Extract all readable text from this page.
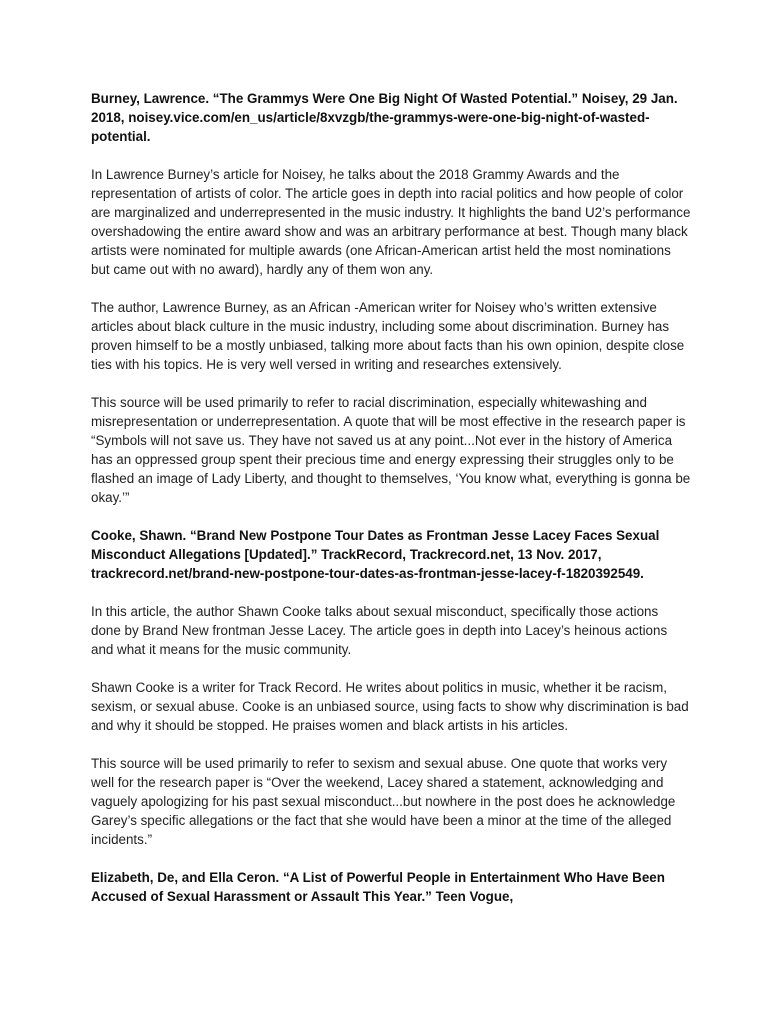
Burney, Lawrence. “The Grammys Were One Big Night Of Wasted Potential.” Noisey, 29 Jan. 2018, noisey.vice.com/en_us/article/8xvzgb/the-grammys-were-one-big-night-of-wasted-potential.

In Lawrence Burney’s article for Noisey, he talks about the 2018 Grammy Awards and the representation of artists of color. The article goes in depth into racial politics and how people of color are marginalized and underrepresented in the music industry. It highlights the band U2’s performance overshadowing the entire award show and was an arbitrary performance at best. Though many black artists were nominated for multiple awards (one African-American artist held the most nominations but came out with no award), hardly any of them won any.

The author, Lawrence Burney, as an African -American writer for Noisey who’s written extensive articles about black culture in the music industry, including some about discrimination. Burney has proven himself to be a mostly unbiased, talking more about facts than his own opinion, despite close ties with his topics. He is very well versed in writing and researches extensively.

This source will be used primarily to refer to racial discrimination, especially whitewashing and misrepresentation or underrepresentation. A quote that will be most effective in the research paper is “Symbols will not save us. They have not saved us at any point...Not ever in the history of America has an oppressed group spent their precious time and energy expressing their struggles only to be flashed an image of Lady Liberty, and thought to themselves, ‘You know what, everything is gonna be okay.’”

Cooke, Shawn. “Brand New Postpone Tour Dates as Frontman Jesse Lacey Faces Sexual Misconduct Allegations [Updated].” TrackRecord, Trackrecord.net, 13 Nov. 2017, trackrecord.net/brand-new-postpone-tour-dates-as-frontman-jesse-lacey-f-1820392549.

In this article, the author Shawn Cooke talks about sexual misconduct, specifically those actions done by Brand New frontman Jesse Lacey. The article goes in depth into Lacey’s heinous actions and what it means for the music community.

Shawn Cooke is a writer for Track Record. He writes about politics in music, whether it be racism, sexism, or sexual abuse. Cooke is an unbiased source, using facts to show why discrimination is bad and why it should be stopped. He praises women and black artists in his articles.

This source will be used primarily to refer to sexism and sexual abuse. One quote that works very well for the research paper is “Over the weekend, Lacey shared a statement, acknowledging and vaguely apologizing for his past sexual misconduct...but nowhere in the post does he acknowledge Garey’s specific allegations or the fact that she would have been a minor at the time of the alleged incidents.”

Elizabeth, De, and Ella Ceron. “A List of Powerful People in Entertainment Who Have Been Accused of Sexual Harassment or Assault This Year.” Teen Vogue,
